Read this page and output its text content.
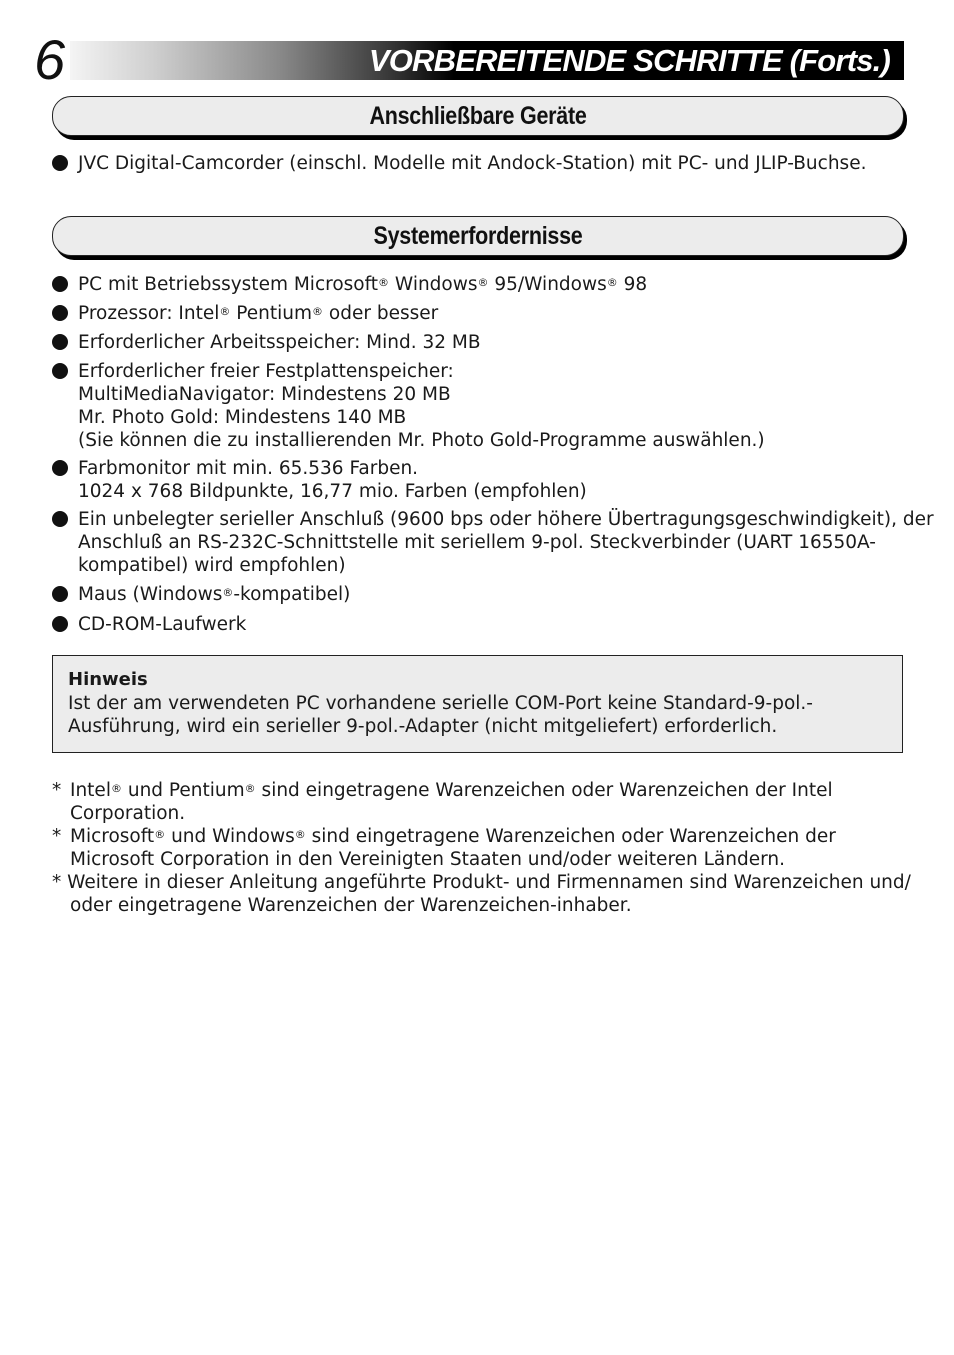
6	VORBEREITENDE SCHRITTE (Forts.)
Anschließbare Geräte
JVC Digital-Camcorder (einschl. Modelle mit Andock-Station) mit PC- und JLIP-Buchse.
Systemerfordernisse
PC mit Betriebssystem Microsoft® Windows® 95/Windows® 98
Prozessor: Intel® Pentium® oder besser
Erforderlicher Arbeitsspeicher: Mind. 32 MB
Erforderlicher freier Festplattenspeicher:
MultiMediaNavigator: Mindestens 20 MB
Mr. Photo Gold: Mindestens 140 MB
(Sie können die zu installierenden Mr. Photo Gold-Programme auswählen.)
Farbmonitor mit min. 65.536 Farben.
1024 x 768 Bildpunkte, 16,77 mio. Farben (empfohlen)
Ein unbelegter serieller Anschluß (9600 bps oder höhere Übertragungsgeschwindigkeit), der
Anschluß an RS-232C-Schnittstelle mit seriellem 9-pol. Steckverbinder (UART 16550A-
kompatibel) wird empfohlen)
Maus (Windows®-kompatibel)
CD-ROM-Laufwerk
Hinweis
Ist der am verwendeten PC vorhandene serielle COM-Port keine Standard-9-pol.-
Ausführung, wird ein serieller 9-pol.-Adapter (nicht mitgeliefert) erforderlich.
* Intel® und Pentium® sind eingetragene Warenzeichen oder Warenzeichen der Intel
Corporation.
* Microsoft® und Windows® sind eingetragene Warenzeichen oder Warenzeichen der
Microsoft Corporation in den Vereinigten Staaten und/oder weiteren Ländern.
* Weitere in dieser Anleitung angeführte Produkt- und Firmennamen sind Warenzeichen und/
oder eingetragene Warenzeichen der Warenzeichen-inhaber.
